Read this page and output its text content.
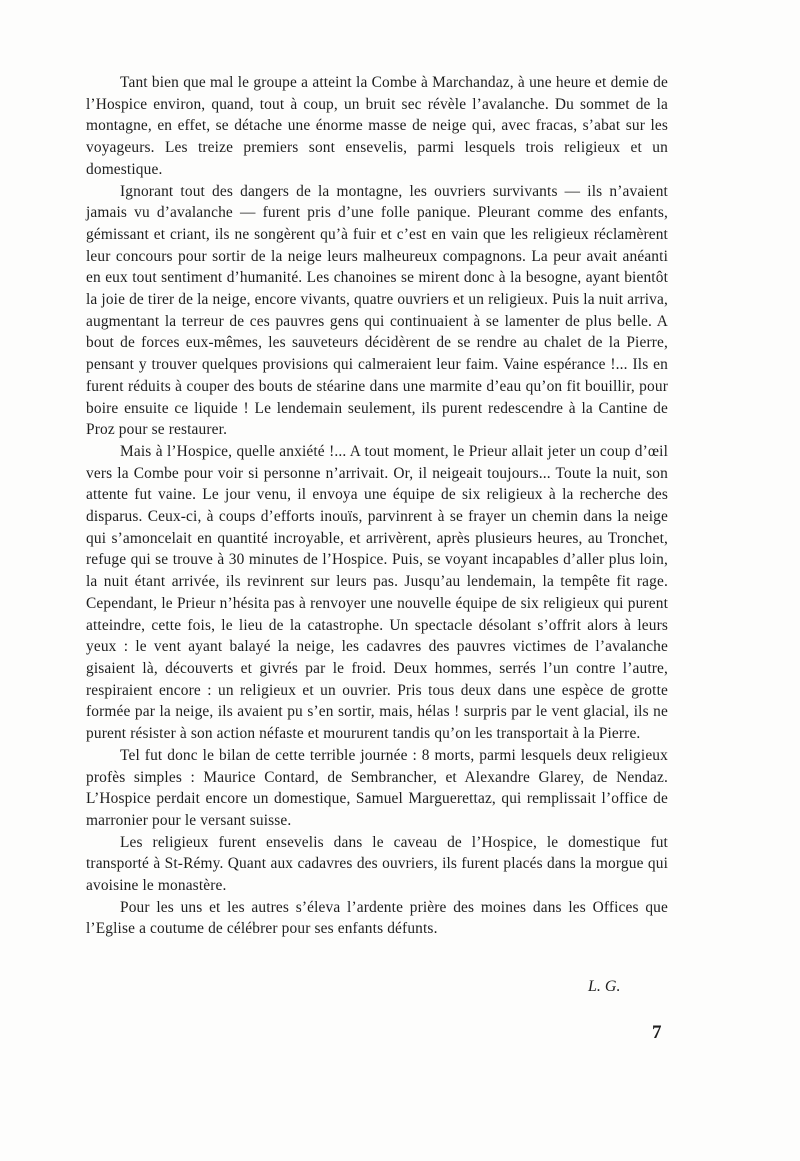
Tant bien que mal le groupe a atteint la Combe à Marchandaz, à une heure et demie de l’Hospice environ, quand, tout à coup, un bruit sec révèle l’avalanche. Du sommet de la montagne, en effet, se détache une énorme masse de neige qui, avec fracas, s’abat sur les voyageurs. Les treize premiers sont ensevelis, parmi lesquels trois religieux et un domestique.

Ignorant tout des dangers de la montagne, les ouvriers survivants — ils n’avaient jamais vu d’avalanche — furent pris d’une folle panique. Pleurant comme des enfants, gémissant et criant, ils ne songèrent qu’à fuir et c’est en vain que les religieux réclamèrent leur concours pour sortir de la neige leurs malheureux compagnons. La peur avait anéanti en eux tout sentiment d’humanité. Les chanoines se mirent donc à la besogne, ayant bientôt la joie de tirer de la neige, encore vivants, quatre ouvriers et un religieux. Puis la nuit arriva, augmentant la terreur de ces pauvres gens qui continuaient à se lamenter de plus belle. A bout de forces eux-mêmes, les sauveteurs décidèrent de se rendre au chalet de la Pierre, pensant y trouver quelques provisions qui calmeraient leur faim. Vaine espérance !... Ils en furent réduits à couper des bouts de stéarine dans une marmite d’eau qu’on fit bouillir, pour boire ensuite ce liquide ! Le lendemain seulement, ils purent redescendre à la Cantine de Proz pour se restaurer.

Mais à l’Hospice, quelle anxiété !... A tout moment, le Prieur allait jeter un coup d’œil vers la Combe pour voir si personne n’arrivait. Or, il neigeait toujours... Toute la nuit, son attente fut vaine. Le jour venu, il envoya une équipe de six religieux à la recherche des disparus. Ceux-ci, à coups d’efforts inouïs, parvinrent à se frayer un chemin dans la neige qui s’amoncelait en quantité incroyable, et arrivèrent, après plusieurs heures, au Tronchet, refuge qui se trouve à 30 minutes de l’Hospice. Puis, se voyant incapables d’aller plus loin, la nuit étant arrivée, ils revinrent sur leurs pas. Jusqu’au lendemain, la tempête fit rage. Cependant, le Prieur n’hésita pas à renvoyer une nouvelle équipe de six religieux qui purent atteindre, cette fois, le lieu de la catastrophe. Un spectacle désolant s’offrit alors à leurs yeux : le vent ayant balayé la neige, les cadavres des pauvres victimes de l’avalanche gisaient là, découverts et givrés par le froid. Deux hommes, serrés l’un contre l’autre, respiraient encore : un religieux et un ouvrier. Pris tous deux dans une espèce de grotte formée par la neige, ils avaient pu s’en sortir, mais, hélas ! surpris par le vent glacial, ils ne purent résister à son action néfaste et moururent tandis qu’on les transportait à la Pierre.

Tel fut donc le bilan de cette terrible journée : 8 morts, parmi lesquels deux religieux profès simples : Maurice Contard, de Sembrancher, et Alexandre Glarey, de Nendaz. L’Hospice perdait encore un domestique, Samuel Marguerettaz, qui remplissait l’office de marronier pour le versant suisse.

Les religieux furent ensevelis dans le caveau de l’Hospice, le domestique fut transporté à St-Rémy. Quant aux cadavres des ouvriers, ils furent placés dans la morgue qui avoisine le monastère.

Pour les uns et les autres s’éleva l’ardente prière des moines dans les Offices que l’Eglise a coutume de célébrer pour ses enfants défunts.

L. G.
7
